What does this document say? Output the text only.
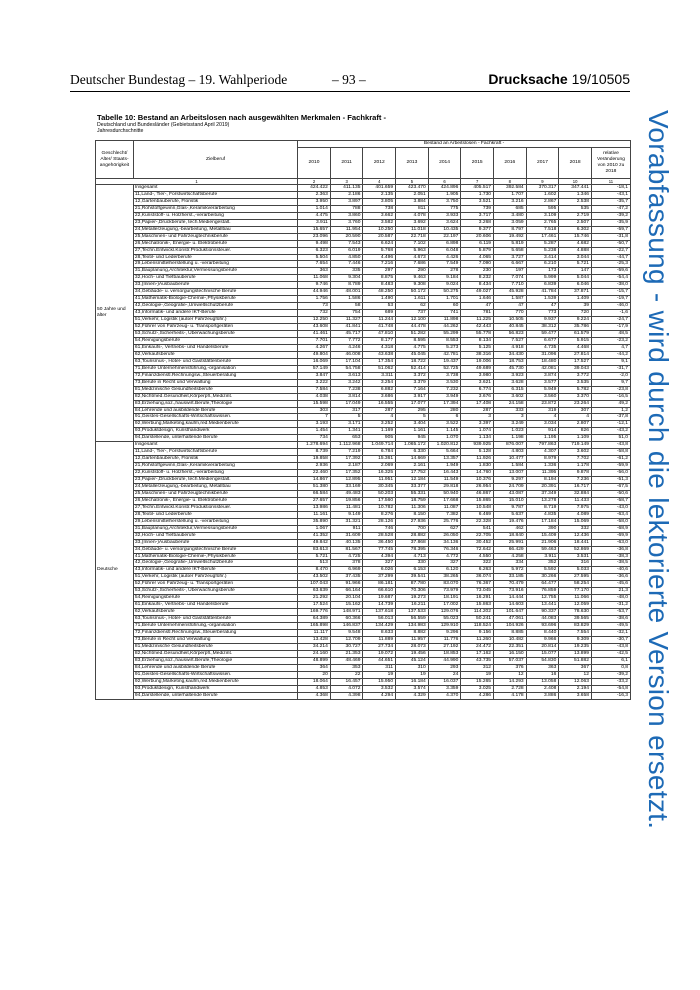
Deutscher Bundestag – 19. Wahlperiode	– 93 –	Drucksache 19/10505
Vorabfassung - wird durch die lektorierte Version ersetzt.
Tabelle 10: Bestand an Arbeitslosen nach ausgewählten Merkmalen - Fachkraft -
Deutschland und Bundesländer (Gebietsstand April 2019)
Jahresdurchschnitte
Geschlecht/ Alter/ Staats- angehörigkeit	Zielberuf	Bestand an Arbeitslosen - Fachkraft -									
		2010	2011	2012	2013	2014	2015	2016	2017	2018	relative Veränderung von 2010 zu 2018
1		2	3	4	5	6	7	8	9	10	11
50 Jahre und älter	Insgesamt	424.422	411.135	401.659	423.470	424.896	405.517	392.584	370.317	347.441	-18,1
	11,Land-, Tier-, Forstwirtschaftsberufe	2.363	2.186	2.135	2.051	1.905	1.730	1.707	1.602	1.346	-43,1
	12,Gartenbauberufe, Floristik	3.950	3.897	3.805	3.884	3.750	3.521	3.216	2.867	2.538	-35,7
	21,Rohstoffgewinn,Glas-,Keramikverarbeitung	1.014	788	738	811	775	739	685	595	535	-47,2
	22,Kunststoff- u. Holzherst.,-verarbeitung	4.475	3.860	3.662	4.078	3.933	3.717	3.480	3.109	2.719	-39,2
	23,Papier-,Druckberufe, tech.Mediengestalt.	3.911	3.760	3.582	3.692	3.624	3.268	3.059	2.765	2.507	-35,9
	24,Metallerzeugung,-bearbeitung, Metallbau	15.657	11.954	10.250	11.018	10.435	9.377	8.797	7.518	6.302	-59,7
	25,Maschinen- und Fahrzeugtechnikberufe	23.096	20.590	20.587	22.718	22.197	20.606	19.492	17.461	15.746	-31,8
	26,Mechatronik-, Energie- u. Elektroberufe	9.498	7.543	6.624	7.102	6.898	6.119	5.819	5.287	4.682	-50,7
	27,Techn.Entwickl.Konstr.Produktionssteuer.	6.323	6.019	5.768	5.963	6.048	5.879	5.658	5.238	4.888	-22,7
	28,Textil- und Lederberufe	5.504	4.850	4.496	4.673	4.426	4.065	3.727	3.414	3.044	-44,7
	29,Lebensmittelherstellung u. -verarbeitung	7.654	7.446	7.216	7.686	7.549	7.090	6.667	6.210	5.721	-25,3
	31,Bauplanung,Architektur,Vermessungsberufe	363	335	297	290	278	230	197	173	147	-59,6
	32,Hoch- und Tiefbauberufe	11.068	9.304	8.875	9.463	9.184	8.232	7.074	5.999	5.044	-54,4
	33,(Innen-)Ausbauberufe	9.746	8.789	8.483	9.308	9.024	8.434	7.710	6.839	6.046	-38,0
	34,Gebäude- u. versorgungstechnische Berufe	44.946	48.001	48.250	50.172	50.275	49.027	45.928	41.784	37.871	-15,7
	41,Mathematik-Biologie-Chemie-,Physikberufe	1.756	1.586	1.490	1.611	1.701	1.646	1.587	1.539	1.409	-19,7
	42,Geologie-,Geografie-,Umweltschutzberufe	73	58	53	62	60	47	47	47	39	-46,0
	43,Informatik- und andere IKT-Berufe	732	754	689	737	741	781	770	773	720	-1,6
	51,Verkehr, Logistik (außer Fahrzeugführ.)	12.250	11.327	11.244	12.100	11.898	11.225	10.505	9.937	9.224	-24,7
	52,Führer von Fahrzeug- u. Transportgeräten	43.608	41.841	41.748	44.478	44.262	42.443	40.845	38.312	35.786	-17,9
	53,Schutz-,Sicherheits-, Überwachungsberufe	41.461	45.717	47.810	51.282	55.299	55.778	56.823	59.477	61.579	48,5
	54,Reinigungsberufe	7.701	7.772	8.177	8.595	8.553	8.134	7.527	6.677	5.915	-23,2
	61,Einkaufs-, Vertriebs- und Handelsberufe	4.267	4.246	4.318	4.775	5.273	5.125	4.918	4.735	4.468	4,7
	62,Verkaufsberufe	49.804	46.008	43.638	45.045	42.781	38.316	34.430	31.096	27.814	-44,2
	63,Tourismus-, Hotel- und Gaststättenberufe	16.069	17.104	17.354	18.722	19.437	19.006	18.753	18.480	17.527	9,1
	71,Berufe Unternehmensführung,-organisation	57.149	54.758	51.062	52.414	52.725	49.689	45.730	42.081	39.043	-31,7
	72,Finanzdienstl.Rechnungsw.,Steuerberatung	3.847	3.613	3.311	3.372	3.738	3.980	3.923	3.874	3.772	-2,0
	73,Berufe in Recht und Verwaltung	3.222	3.242	3.254	3.379	3.530	3.621	3.628	3.577	3.535	9,7
	81,Medizinische Gesundheitsberufe	7.584	7.238	6.882	7.164	7.232	6.774	6.315	5.949	5.782	-23,8
	82,Nichtmed.Gesundheit,Körperpfl.,Medizint.	4.038	3.814	3.686	3.917	3.949	3.676	3.602	3.560	3.370	-16,5
	83,Erziehung,soz.,hauswirt.Berufe,Theologie	15.598	17.049	16.555	17.077	17.394	17.408	24.158	23.872	23.264	49,2
	84,Lehrende und ausbildende Berufe	303	317	287	295	280	287	333	319	307	1,2
	91,Geistes-Gesellschafts-Wirtschaftswissen.	7	5	4	5	6	3	3	4	4	-37,8
	92,Werbung,Marketing,kaufm,red.Medienberufe	3.193	3.171	3.252	3.404	3.522	3.397	3.249	3.034	2.807	-12,1
	93,Produktdesign, Kunsthandwerk	1.454	1.341	1.169	1.161	1.145	1.074	1.023	914	826	-43,2
	94,Darstellende, unterhaltende Berufe	734	653	905	945	1.070	1.134	1.198	1.195	1.109	51,0
Deutsche	Insgesamt	1.278.694	1.112.968	1.049.714	1.065.172	1.020.812	939.925	876.007	797.863	719.149	-43,8
	11,Land-, Tier-, Forstwirtschaftsberufe	8.739	7.219	6.784	6.330	5.664	5.128	4.803	4.307	3.602	-58,8
	12,Gartenbauberufe, Floristik	19.858	17.392	15.361	14.669	13.357	11.926	10.477	8.979	7.702	-61,2
	21,Rohstoffgewinn,Glas-,Keramikverarbeitung	2.936	2.187	2.069	2.161	1.949	1.830	1.584	1.336	1.178	-59,9
	22,Kunststoff- u. Holzherst.,-verarbeitung	22.460	17.352	16.325	17.752	16.443	14.760	13.007	11.395	9.878	-56,0
	23,Papier-,Druckberufe, tech.Mediengestalt.	14.867	12.895	11.951	12.184	11.549	10.376	9.297	8.194	7.236	-51,3
	24,Metallerzeugung,-bearbeitung, Metallbau	51.380	33.169	30.345	33.377	29.818	26.954	24.709	20.391	16.717	-67,5
	25,Maschinen- und Fahrzeugtechnikberufe	66.584	49.483	50.203	55.331	50.940	46.867	43.087	37.349	32.884	-50,6
	26,Mechatronik-, Energie- u. Elektroberufe	27.657	19.856	17.560	18.759	17.668	15.865	15.010	13.278	11.433	-58,7
	27,Techn.Entwickl.Konstr.Produktionssteuer.	13.986	11.481	10.782	11.306	11.087	10.548	9.787	8.719	7.975	-43,0
	28,Textil- und Lederberufe	11.161	9.149	8.276	8.150	7.382	6.469	5.637	4.835	4.089	-63,4
	29,Lebensmittelherstellung u. -verarbeitung	35.890	31.321	28.126	27.936	25.776	22.328	19.476	17.184	15.069	-58,0
	31,Bauplanung,Architektur,Vermessungsberufe	1.067	911	746	700	627	541	462	390	332	-68,9
	32,Hoch- und Tiefbauberufe	41.352	31.609	28.528	28.882	26.050	22.705	18.840	15.409	12.436	-69,9
	33,(Innen-)Ausbauberufe	49.842	40.135	36.450	37.868	34.136	30.452	25.991	21.906	18.441	-63,0
	34,Gebäude- u. versorgungstechnische Berufe	83.613	81.567	77.745	78.395	76.346	72.642	66.429	59.463	52.869	-36,8
	41,Mathematik-Biologie-Chemie-,Physikberufe	5.721	4.725	4.394	4.713	4.772	4.550	4.258	3.911	3.531	-38,3
	42,Geologie-,Geografie-,Umweltschutzberufe	513	378	327	330	327	322	334	352	316	-38,5
	43,Informatik- und andere IKT-Berufe	8.470	6.969	6.026	6.153	6.120	6.263	5.972	5.592	5.033	-40,6
	51,Verkehr, Logistik (außer Fahrzeugführ.)	43.502	37.435	37.299	39.541	38.265	36.074	33.185	30.266	27.595	-36,6
	52,Führer von Fahrzeug- u. Transportgeräten	107.043	91.966	86.181	87.780	83.070	76.367	70.479	64.477	58.254	-45,6
	53,Schutz-,Sicherheits-, Überwachungsberufe	63.639	66.164	66.610	70.306	73.979	73.045	73.916	76.859	77.170	21,3
	54,Reinigungsberufe	21.292	20.104	19.687	19.273	18.191	16.291	14.444	12.755	11.066	-48,0
	61,Einkaufs-, Vertriebs- und Handelsberufe	17.524	15.162	14.739	16.211	17.002	15.863	14.603	13.441	12.059	-31,2
	62,Verkaufsberufe	169.776	148.971	137.618	137.533	129.076	114.202	101.647	90.337	78.630	-53,7
	63,Tourismus-, Hotel- und Gaststättenberufe	64.389	60.366	56.013	56.559	55.023	50.241	47.061	44.083	39.565	-38,6
	71,Berufe Unternehmensführung,-organisation	165.898	146.837	134.429	134.983	129.910	118.524	104.926	93.696	83.829	-49,5
	72,Finanzdienstl.Rechnungsw.,Steuerberatung	11.117	9.548	8.633	8.882	9.296	9.156	8.885	8.440	7.554	-32,1
	73,Berufe in Recht und Verwaltung	13.428	12.709	11.889	11.957	11.776	11.260	10.482	9.966	9.309	-30,7
	81,Medizinische Gesundheitsberufe	34.214	30.727	27.734	28.073	27.192	24.472	22.351	20.814	19.235	-43,8
	82,Nichtmed.Gesundheit,Körperpfl.,Medizint.	24.160	21.353	19.072	19.456	18.853	17.162	16.150	15.077	13.899	-42,5
	83,Erziehung,soz.,hauswirt.Berufe,Theologie	48.899	48.469	44.651	45.124	44.990	43.735	57.037	54.830	51.882	6,1
	84,Lehrende und ausbildende Berufe	364	353	311	310	293	312	376	363	367	0,8
	91,Geistes-Gesellschafts-Wirtschaftswissen.	20	22	19	19	24	19	12	16	12	-39,2
	92,Werbung,Marketing,kaufm,red.Medienberufe	18.064	16.457	15.950	16.184	16.037	15.265	14.293	13.058	12.063	-33,2
	93,Produktdesign, Kunsthandwerk	4.853	4.072	3.532	3.574	3.359	3.025	2.728	2.408	2.194	-54,8
	94,Darstellende, unterhaltende Berufe	4.368	4.398	4.294	4.329	4.370	4.286	4.178	3.886	3.658	-16,3
